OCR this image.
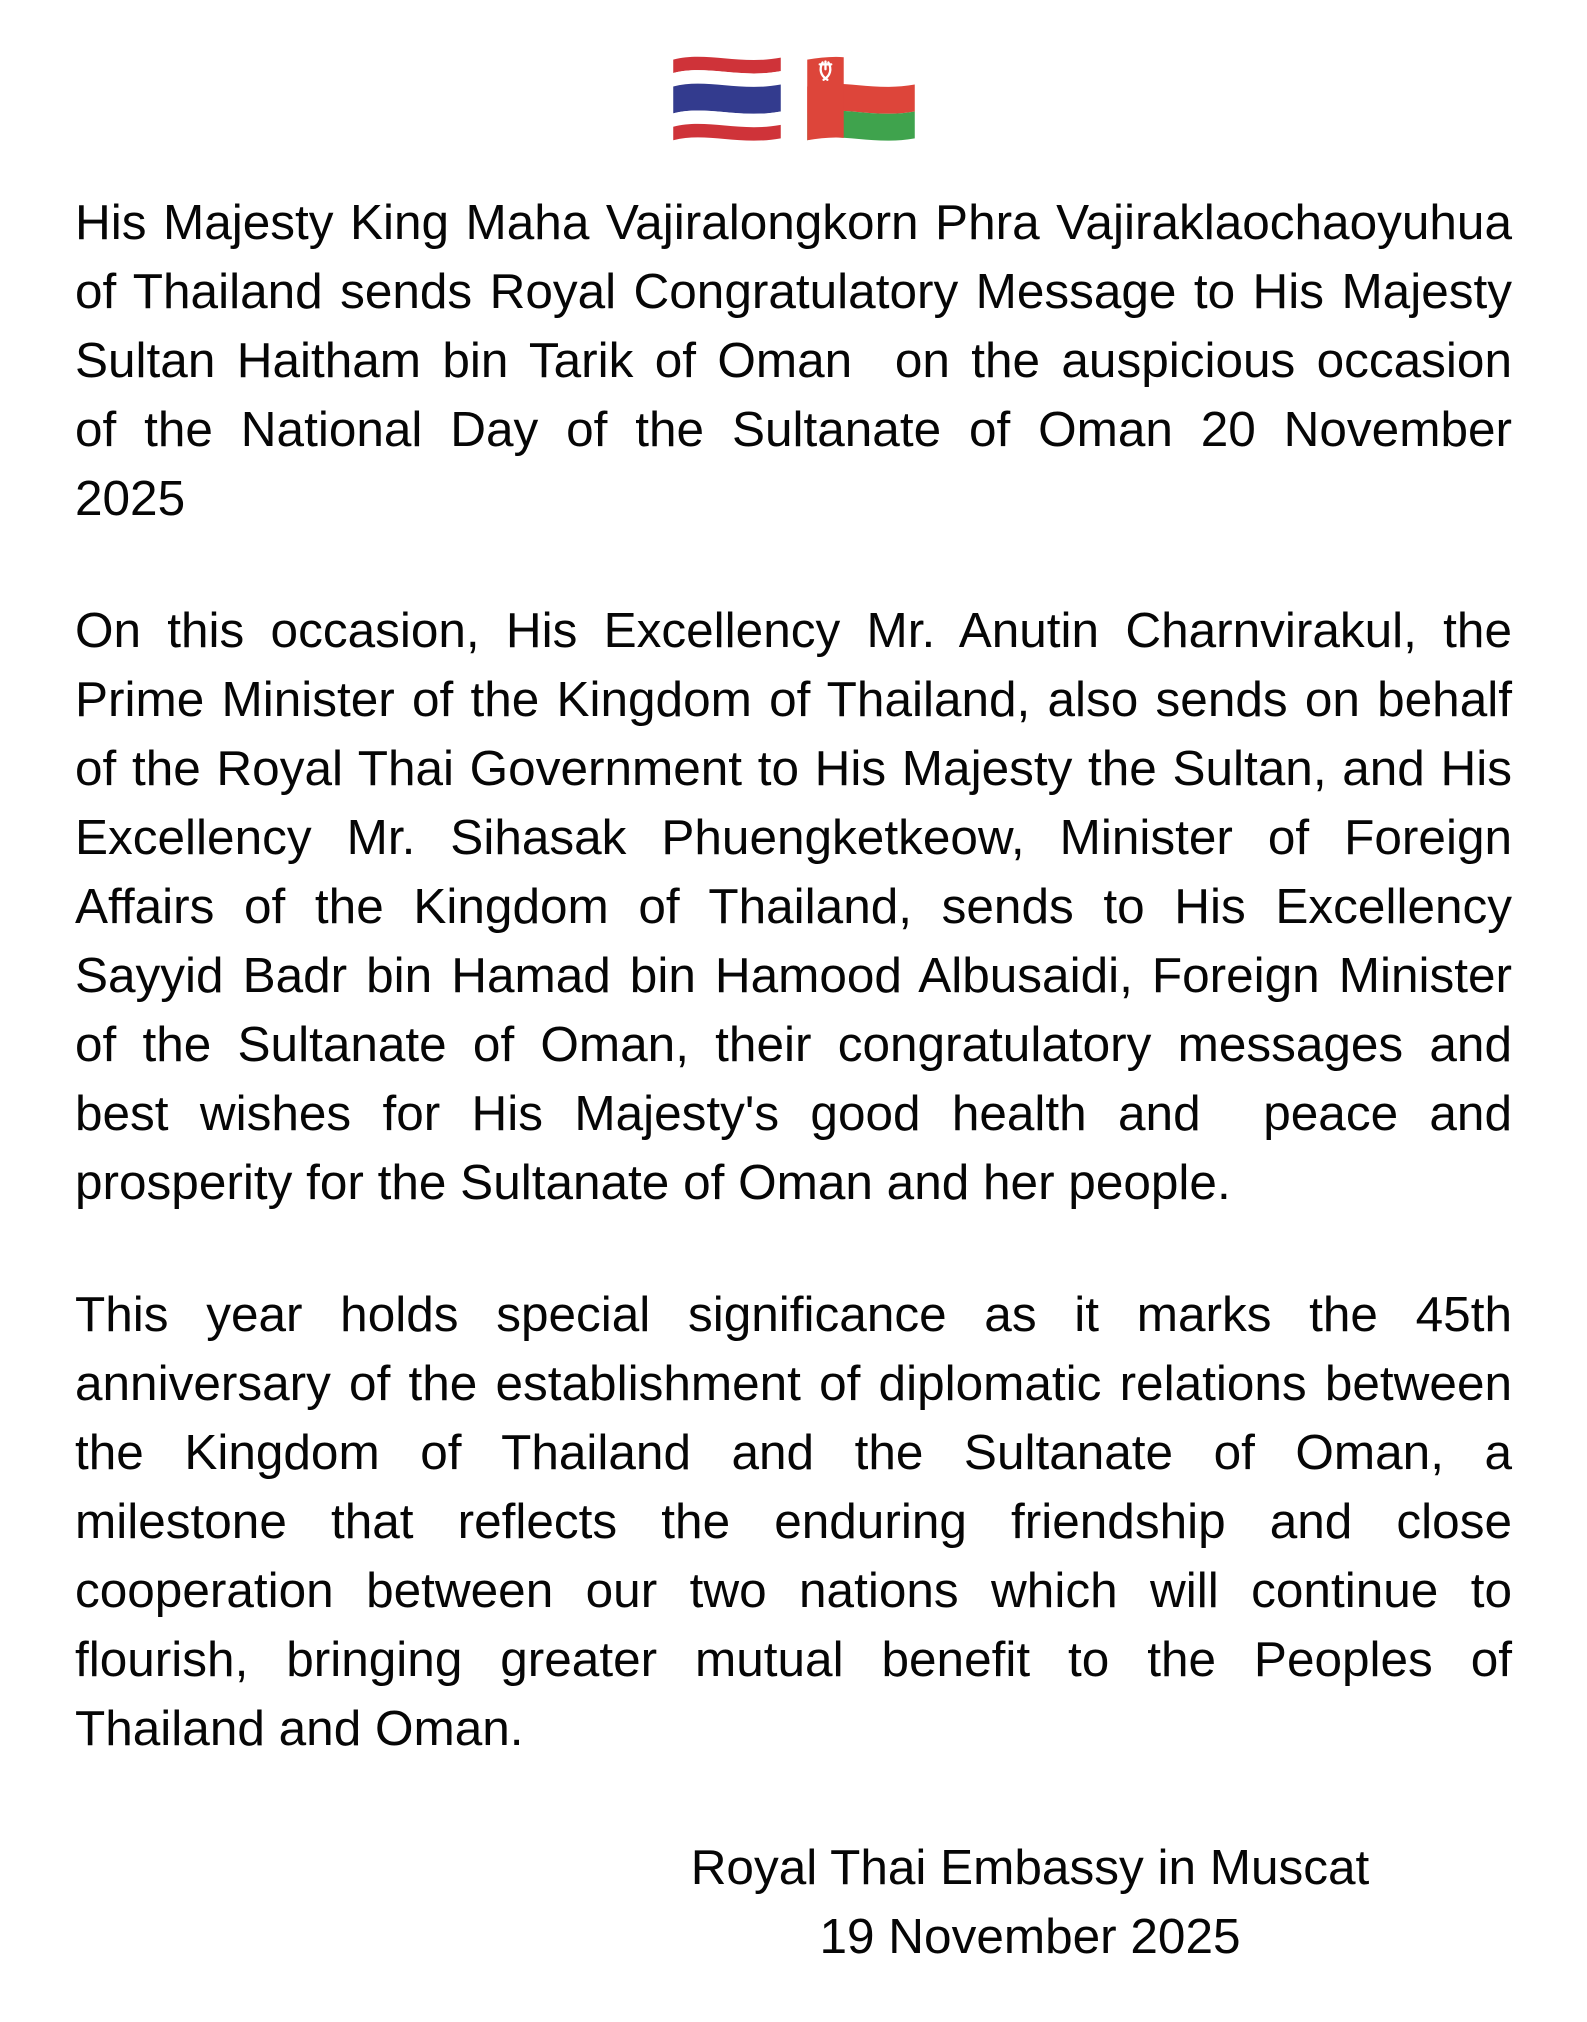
His Majesty King Maha Vajiralongkorn Phra Vajiraklaochaoyuhua
of Thailand sends Royal Congratulatory Message to His Majesty
Sultan Haitham bin Tarik of Oman  on the auspicious occasion
of the National Day of the Sultanate of Oman 20 November
2025
On this occasion, His Excellency Mr. Anutin Charnvirakul, the
Prime Minister of the Kingdom of Thailand, also sends on behalf
of the Royal Thai Government to His Majesty the Sultan, and His
Excellency Mr. Sihasak Phuengketkeow, Minister of Foreign
Affairs of the Kingdom of Thailand, sends to His Excellency
Sayyid Badr bin Hamad bin Hamood Albusaidi, Foreign Minister
of the Sultanate of Oman, their congratulatory messages and
best wishes for His Majesty's good health and  peace and
prosperity for the Sultanate of Oman and her people.
This year holds special significance as it marks the 45th
anniversary of the establishment of diplomatic relations between
the Kingdom of Thailand and the Sultanate of Oman, a
milestone that reflects the enduring friendship and close
cooperation between our two nations which will continue to
flourish, bringing greater mutual benefit to the Peoples of
Thailand and Oman.
Royal Thai Embassy in Muscat
19 November 2025
